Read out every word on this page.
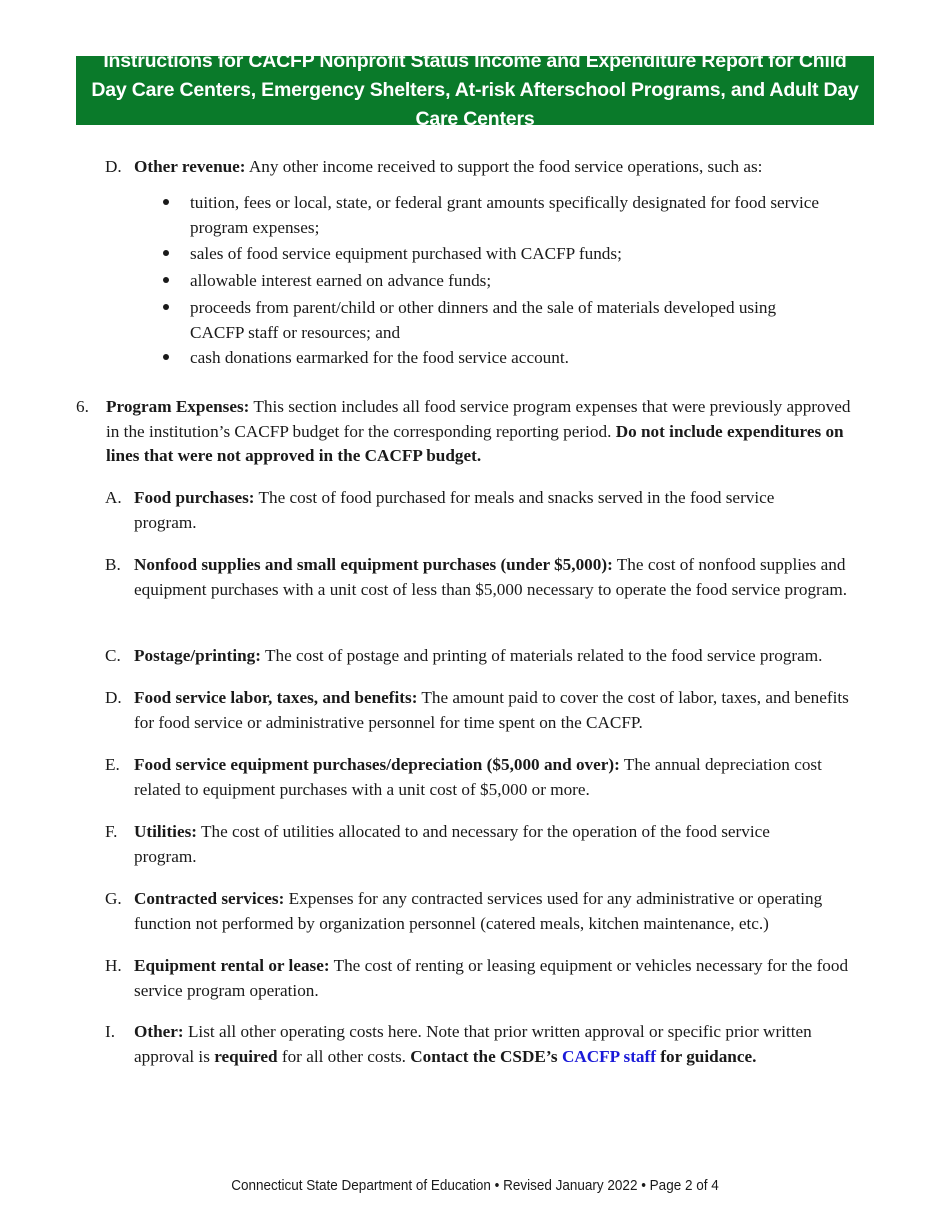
Instructions for CACFP Nonprofit Status Income and Expenditure Report for Child Day Care Centers, Emergency Shelters, At-risk Afterschool Programs, and Adult Day Care Centers
D. Other revenue: Any other income received to support the food service operations, such as:
tuition, fees or local, state, or federal grant amounts specifically designated for food service program expenses;
sales of food service equipment purchased with CACFP funds;
allowable interest earned on advance funds;
proceeds from parent/child or other dinners and the sale of materials developed using CACFP staff or resources; and
cash donations earmarked for the food service account.
6. Program Expenses: This section includes all food service program expenses that were previously approved in the institution’s CACFP budget for the corresponding reporting period. Do not include expenditures on lines that were not approved in the CACFP budget.
A. Food purchases: The cost of food purchased for meals and snacks served in the food service program.
B. Nonfood supplies and small equipment purchases (under $5,000): The cost of nonfood supplies and equipment purchases with a unit cost of less than $5,000 necessary to operate the food service program.
C. Postage/printing: The cost of postage and printing of materials related to the food service program.
D. Food service labor, taxes, and benefits: The amount paid to cover the cost of labor, taxes, and benefits for food service or administrative personnel for time spent on the CACFP.
E. Food service equipment purchases/depreciation ($5,000 and over): The annual depreciation cost related to equipment purchases with a unit cost of $5,000 or more.
F. Utilities: The cost of utilities allocated to and necessary for the operation of the food service program.
G. Contracted services: Expenses for any contracted services used for any administrative or operating function not performed by organization personnel (catered meals, kitchen maintenance, etc.)
H. Equipment rental or lease: The cost of renting or leasing equipment or vehicles necessary for the food service program operation.
I. Other: List all other operating costs here. Note that prior written approval or specific prior written approval is required for all other costs. Contact the CSDE’s CACFP staff for guidance.
Connecticut State Department of Education • Revised January 2022 • Page 2 of 4
